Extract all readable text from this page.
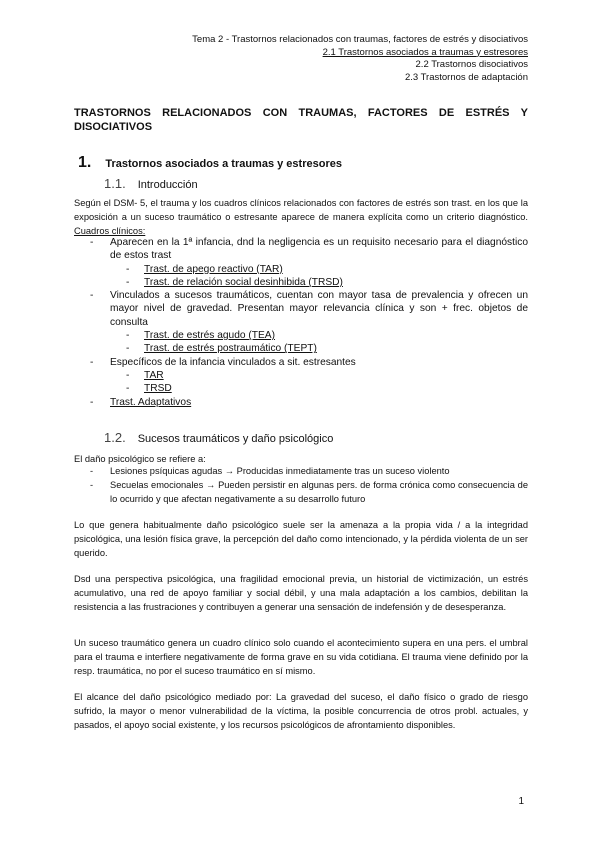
Tema 2 - Trastornos relacionados con traumas, factores de estrés y disociativos
2.1 Trastornos asociados a traumas y estresores
2.2 Trastornos disociativos
2.3 Trastornos de adaptación
TRASTORNOS RELACIONADOS CON TRAUMAS, FACTORES DE ESTRÉS Y
DISOCIATIVOS
1. Trastornos asociados a traumas y estresores
1.1. Introducción
Según el DSM- 5, el trauma y los cuadros clínicos relacionados con factores de estrés son trast. en los que la exposición a un suceso traumático o estresante aparece de manera explícita como un criterio diagnóstico. Cuadros clínicos:
- Aparecen en la 1ª infancia, dnd la negligencia es un requisito necesario para el diagnóstico de estos trast
- Trast. de apego reactivo (TAR)
- Trast. de relación social desinhibida (TRSD)
- Vinculados a sucesos traumáticos, cuentan con mayor tasa de prevalencia y ofrecen un mayor nivel de gravedad. Presentan mayor relevancia clínica y son + frec. objetos de consulta
- Trast. de estrés agudo (TEA)
- Trast. de estrés postraumático (TEPT)
- Específicos de la infancia vinculados a sit. estresantes
- TAR
- TRSD
- Trast. Adaptativos
1.2. Sucesos traumáticos y daño psicológico
El daño psicológico se refiere a:
- Lesiones psíquicas agudas → Producidas inmediatamente tras un suceso violento
- Secuelas emocionales → Pueden persistir en algunas pers. de forma crónica como consecuencia de lo ocurrido y que afectan negativamente a su desarrollo futuro
Lo que genera habitualmente daño psicológico suele ser la amenaza a la propia vida / a la integridad psicológica, una lesión física grave, la percepción del daño como intencionado, y la pérdida violenta de un ser querido.
Dsd una perspectiva psicológica, una fragilidad emocional previa, un historial de victimización, un estrés acumulativo, una red de apoyo familiar y social débil, y una mala adaptación a los cambios, debilitan la resistencia a las frustraciones y contribuyen a generar una sensación de indefensión y de desesperanza.
Un suceso traumático genera un cuadro clínico solo cuando el acontecimiento supera en una pers. el umbral para el trauma e interfiere negativamente de forma grave en su vida cotidiana. El trauma viene definido por la resp. traumática, no por el suceso traumático en sí mismo.
El alcance del daño psicológico mediado por: La gravedad del suceso, el daño físico o grado de riesgo sufrido, la mayor o menor vulnerabilidad de la víctima, la posible concurrencia de otros probl. actuales, y pasados, el apoyo social existente, y los recursos psicológicos de afrontamiento disponibles.
1
